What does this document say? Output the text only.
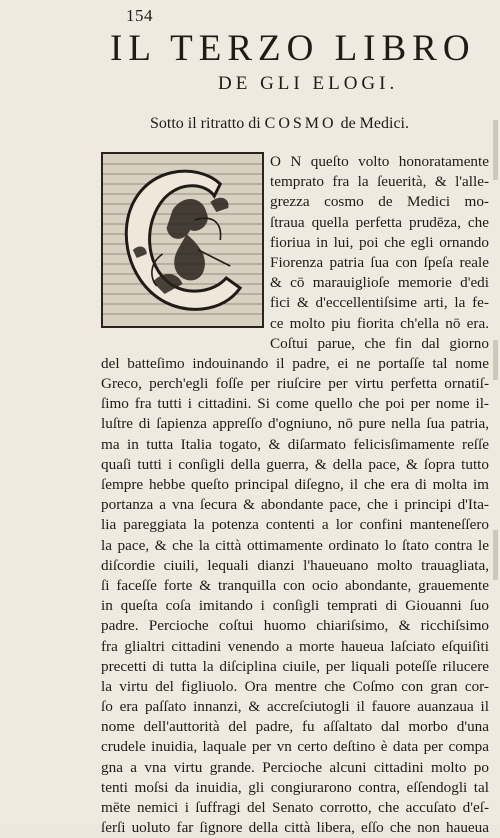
154
IL TERZO LIBRO
DE GLI ELOGI.
Sotto il ritratto di COSMO de Medici.
O N queſto volto honoratamente
temprato fra la ſeuerità, & l'alle-
grezza cosmo de Medici mo-
ſtraua quella perfetta prudēza, che
fioriua in lui, poi che egli ornando
Fiorenza patria ſua con ſpeſa reale
& cō marauiglioſe memorie d'edi
fici & d'eccellentiſsime arti, la fe-
ce molto piu fiorita ch'ella nō era.
Coſtui parue, che fin dal giorno
del batteſimo indouinando il padre, ei ne portaſſe tal nome
Greco, perch'egli foſſe per riuſcire per virtu perfetta ornatiſ-
ſimo fra tutti i cittadini. Si come quello che poi per nome il-
luſtre di ſapienza appreſſo d'ogniuno, nō pure nella ſua patria,
ma in tutta Italia togato, & diſarmato felicisſimamente reſſe
quaſi tutti i conſigli della guerra, & della pace, & ſopra tutto
ſempre hebbe queſto principal diſegno, il che era di molta im
portanza a vna ſecura & abondante pace, che i principi d'Ita-
lia pareggiata la potenza contenti a lor confini manteneſſero
la pace, & che la città ottimamente ordinato lo ſtato contra le
diſcordie ciuili, lequali dianzi l'haueuano molto trauagliata,
ſi faceſſe forte & tranquilla con ocio abondante, grauemente
in queſta coſa imitando i conſigli temprati di Giouanni ſuo
padre. Percioche coſtui huomo chiariſsimo, & ricchiſsimo
fra glialtri cittadini venendo a morte haueua laſciato eſquiſiti
precetti di tutta la diſciplina ciuile, per liquali poteſſe rilucere
la virtu del figliuolo. Ora mentre che Coſmo con gran cor-
ſo era paſſato innanzi, & accreſciutogli il fauore auanzaua il
nome dell'auttorità del padre, fu aſſaltato dal morbo d'una
crudele inuidia, laquale per vn certo deſtino è data per compa
gna a vna virtu grande. Percioche alcuni cittadini molto po
tenti moſsi da inuidia, gli congiurarono contra, eſſendogli tal
mēte nemici i ſuffragi del Senato corrotto, che accuſato d'eſ-
ſerſi uoluto far ſignore della città libera, eſſo che non haueua
